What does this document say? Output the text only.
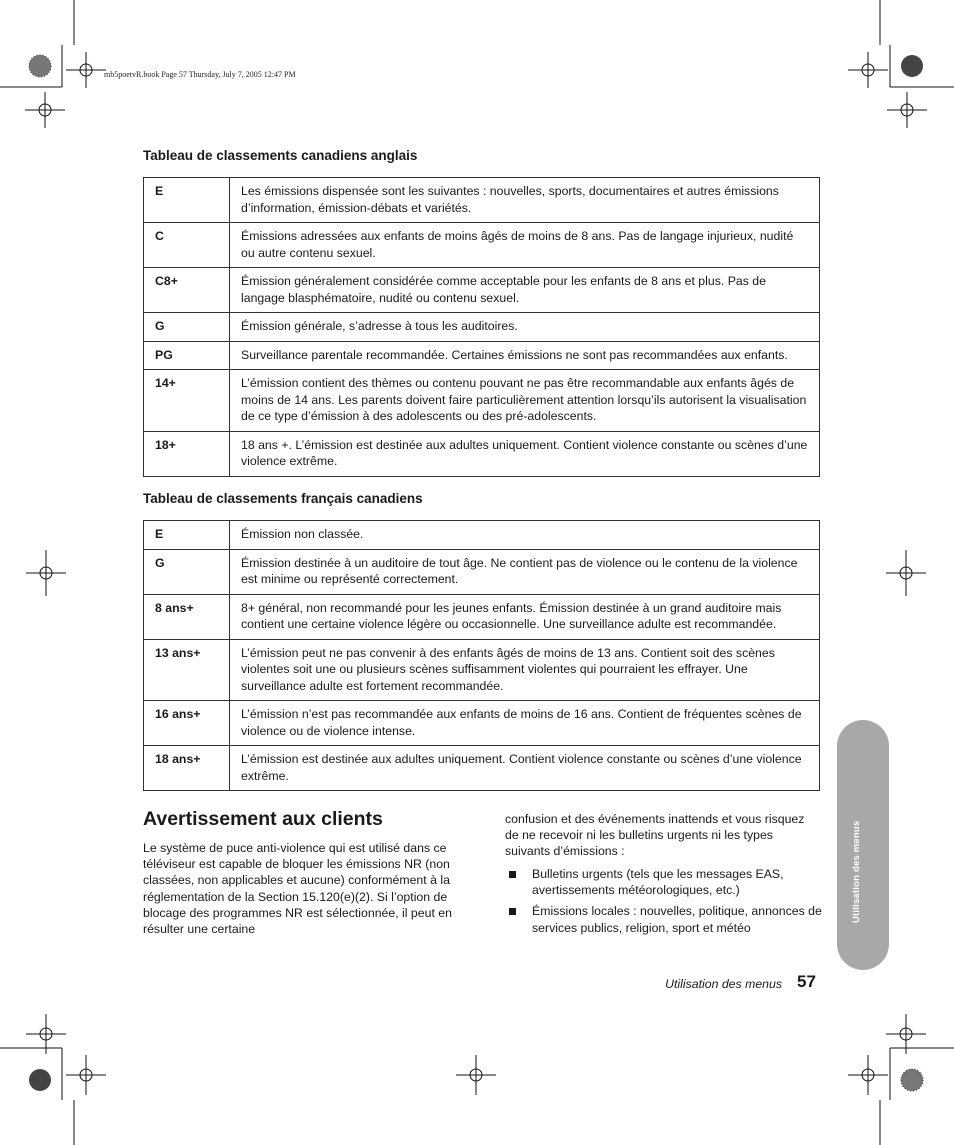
mb5poetvR.book Page 57 Thursday, July 7, 2005 12:47 PM
Tableau de classements canadiens anglais
E	Les émissions dispensée sont les suivantes : nouvelles, sports, documentaires et autres émissions d’information, émission-débats et variétés.
C	Émissions adressées aux enfants de moins âgés de moins de 8 ans. Pas de langage injurieux, nudité ou autre contenu sexuel.
C8+	Émission généralement considérée comme acceptable pour les enfants de 8 ans et plus. Pas de langage blasphématoire, nudité ou contenu sexuel.
G	Émission générale, s’adresse à tous les auditoires.
PG	Surveillance parentale recommandée. Certaines émissions ne sont pas recommandées aux enfants.
14+	L’émission contient des thèmes ou contenu pouvant ne pas être recommandable aux enfants âgés de moins de 14 ans. Les parents doivent faire particulièrement attention lorsqu’ils autorisent la visualisation de ce type d’émission à des adolescents ou des pré-adolescents.
18+	18 ans +. L’émission est destinée aux adultes uniquement. Contient violence constante ou scènes d’une violence extrême.
Tableau de classements français canadiens
E	Émission non classée.
G	Émission destinée à un auditoire de tout âge. Ne contient pas de violence ou le contenu de la violence est minime ou représenté correctement.
8 ans+	8+ général, non recommandé pour les jeunes enfants. Émission destinée à un grand auditoire mais contient une certaine violence légère ou occasionnelle. Une surveillance adulte est recommandée.
13 ans+	L’émission peut ne pas convenir à des enfants âgés de moins de 13 ans. Contient soit des scènes violentes soit une ou plusieurs scènes suffisamment violentes qui pourraient les effrayer. Une surveillance adulte est fortement recommandée.
16 ans+	L’émission n’est pas recommandée aux enfants de moins de 16 ans. Contient de fréquentes scènes de violence ou de violence intense.
18 ans+	L’émission est destinée aux adultes uniquement. Contient violence constante ou scènes d’une violence extrême.
Avertissement aux clients

Le système de puce anti-violence qui est utilisé dans ce téléviseur est capable de bloquer les émissions NR (non classées, non applicables et aucune) conformément à la réglementation de la Section 15.120(e)(2). Si l’option de blocage des programmes NR est sélectionnée, il peut en résulter une certaine

confusion et des événements inattends et vous risquez de ne recevoir ni les bulletins urgents ni les types suivants d’émissions :

Bulletins urgents (tels que les messages EAS, avertissements météorologiques, etc.)
Émissions locales : nouvelles, politique, annonces de services publics, religion, sport et météo
Utilisation des menus
Utilisation des menus 57
